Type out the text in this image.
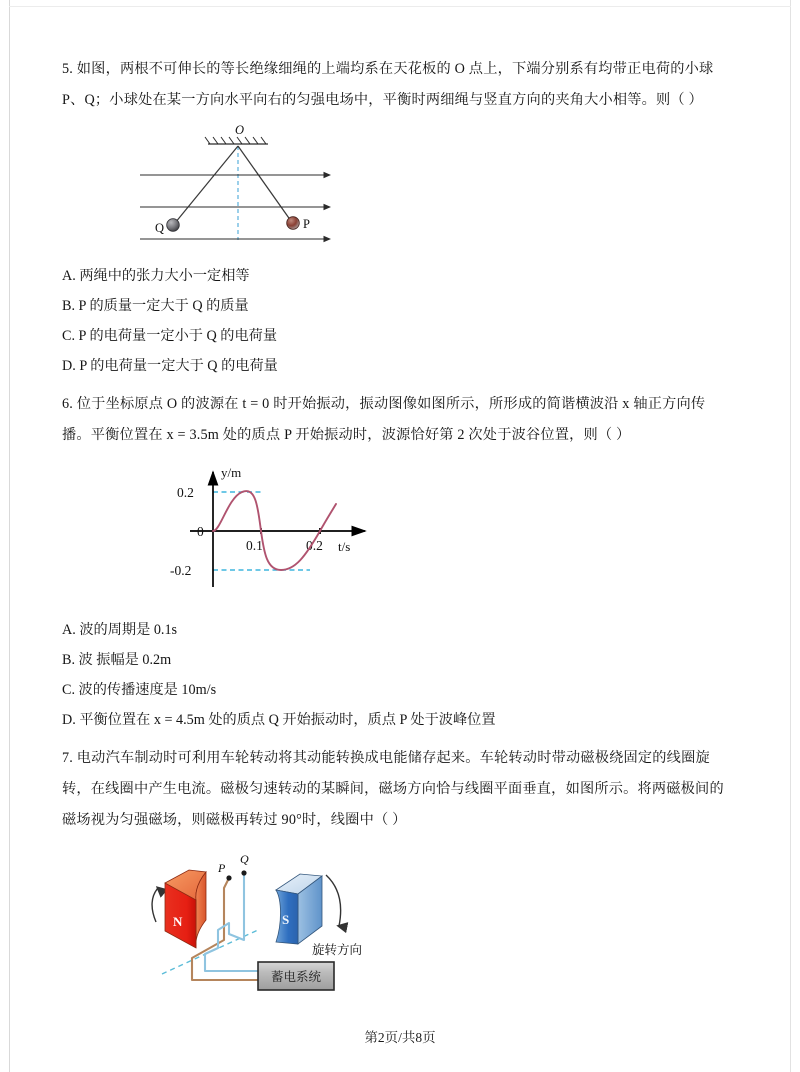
5. 如图，两根不可伸长的等长绝缘细绳的上端均系在天花板的 O 点上，下端分别系有均带正电荷的小球
P、Q；小球处在某一方向水平向右的匀强电场中，平衡时两细绳与竖直方向的夹角大小相等。则（ ）
O
Q	P
A. 两绳中的张力大小一定相等
B. P 的质量一定大于 Q 的质量
C. P 的电荷量一定小于 Q 的电荷量
D. P 的电荷量一定大于 Q 的电荷量
6. 位于坐标原点 O 的波源在 t = 0 时开始振动，振动图像如图所示，所形成的简谐横波沿 x 轴正方向传
播。平衡位置在 x = 3.5m 处的质点 P 开始振动时，波源恰好第 2 次处于波谷位置，则（ ）
y/m
t/s
0.2
0
-0.2
0.1	0.2
A. 波的周期是 0.1s
B. 波 振幅是 0.2m
C. 波的传播速度是 10m/s
D. 平衡位置在 x = 4.5m 处的质点 Q 开始振动时，质点 P 处于波峰位置
7. 电动汽车制动时可利用车轮转动将其动能转换成电能储存起来。车轮转动时带动磁极绕固定的线圈旋
转，在线圈中产生电流。磁极匀速转动的某瞬间，磁场方向恰与线圈平面垂直，如图所示。将两磁极间的
磁场视为匀强磁场，则磁极再转过 90°时，线圈中（ ）
N
P
Q
S
旋转方向
蓄电系统
第2页/共8页
